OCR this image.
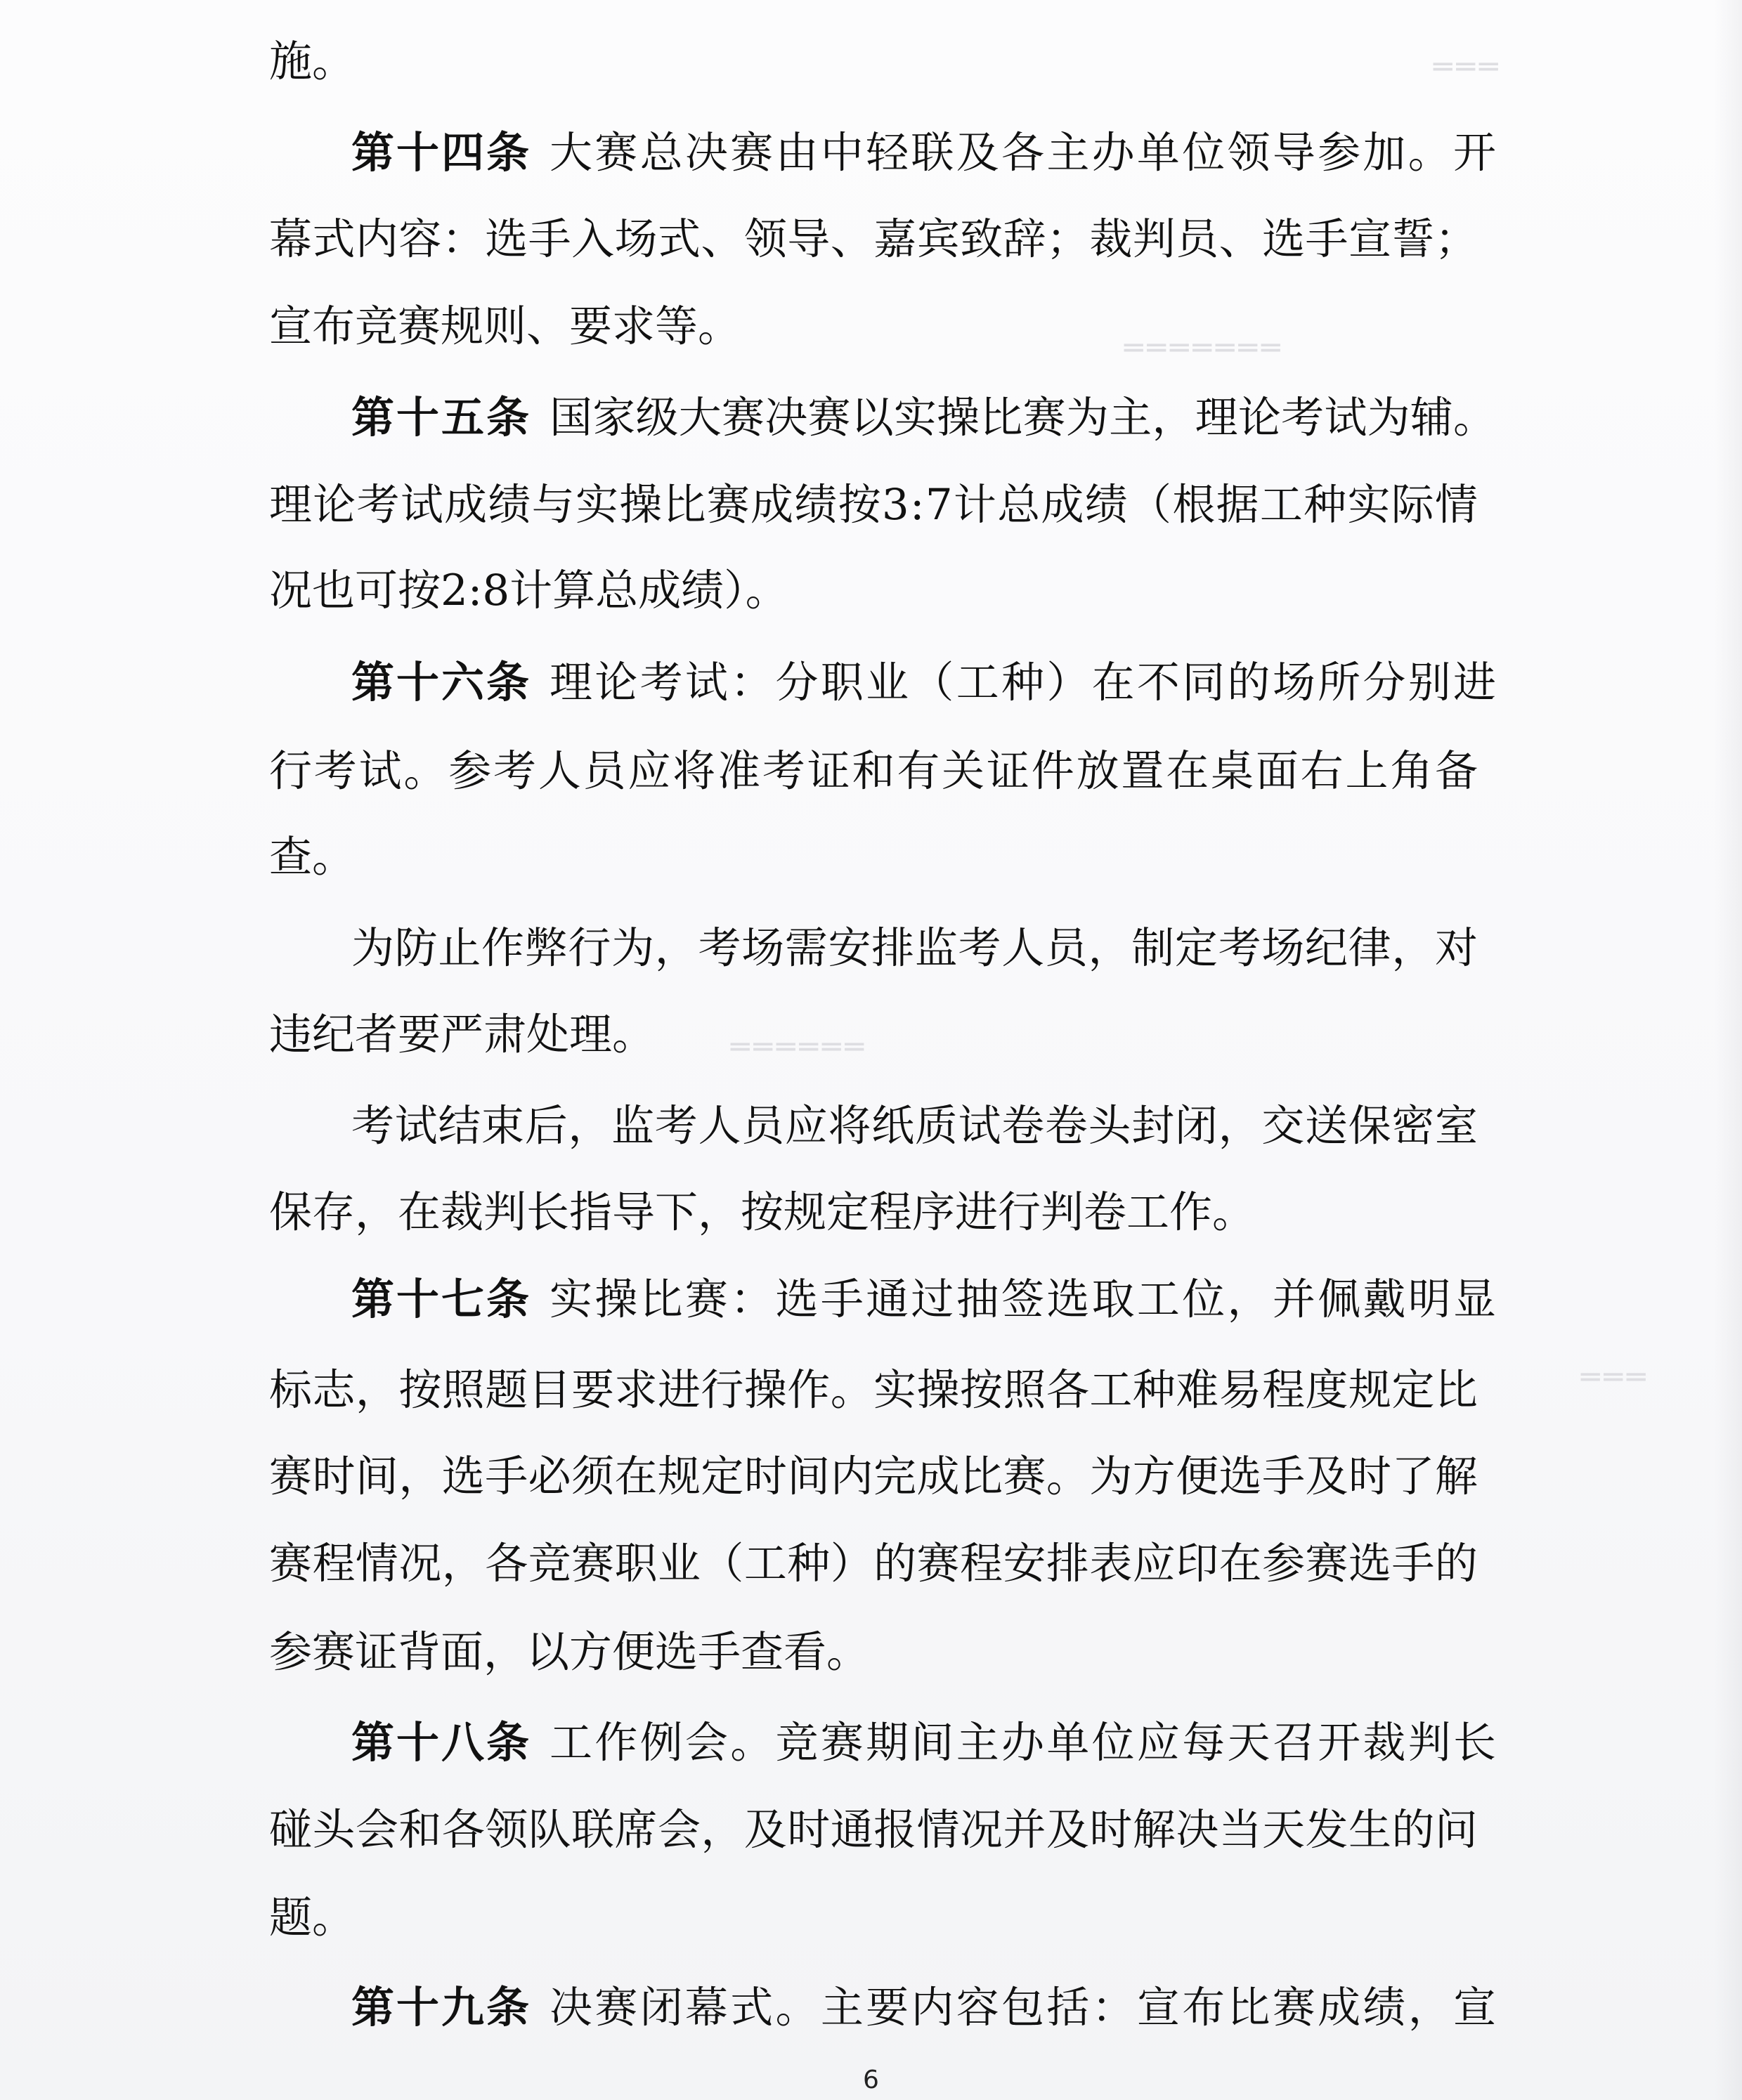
═══
═══════
══════
═══
施。
第十四条 大赛总决赛由中轻联及各主办单位领导参加。开
幕式内容：选手入场式、领导、嘉宾致辞；裁判员、选手宣誓；
宣布竞赛规则、要求等。
第十五条 国家级大赛决赛以实操比赛为主，理论考试为辅。
理论考试成绩与实操比赛成绩按3:7计总成绩（根据工种实际情
况也可按2:8计算总成绩）。
第十六条 理论考试：分职业（工种）在不同的场所分别进
行考试。参考人员应将准考证和有关证件放置在桌面右上角备
查。
为防止作弊行为，考场需安排监考人员，制定考场纪律，对
违纪者要严肃处理。
考试结束后，监考人员应将纸质试卷卷头封闭，交送保密室
保存，在裁判长指导下，按规定程序进行判卷工作。
第十七条 实操比赛：选手通过抽签选取工位，并佩戴明显
标志，按照题目要求进行操作。实操按照各工种难易程度规定比
赛时间，选手必须在规定时间内完成比赛。为方便选手及时了解
赛程情况，各竞赛职业（工种）的赛程安排表应印在参赛选手的
参赛证背面，以方便选手查看。
第十八条 工作例会。竞赛期间主办单位应每天召开裁判长
碰头会和各领队联席会，及时通报情况并及时解决当天发生的问
题。
第十九条 决赛闭幕式。主要内容包括：宣布比赛成绩，宣
6
